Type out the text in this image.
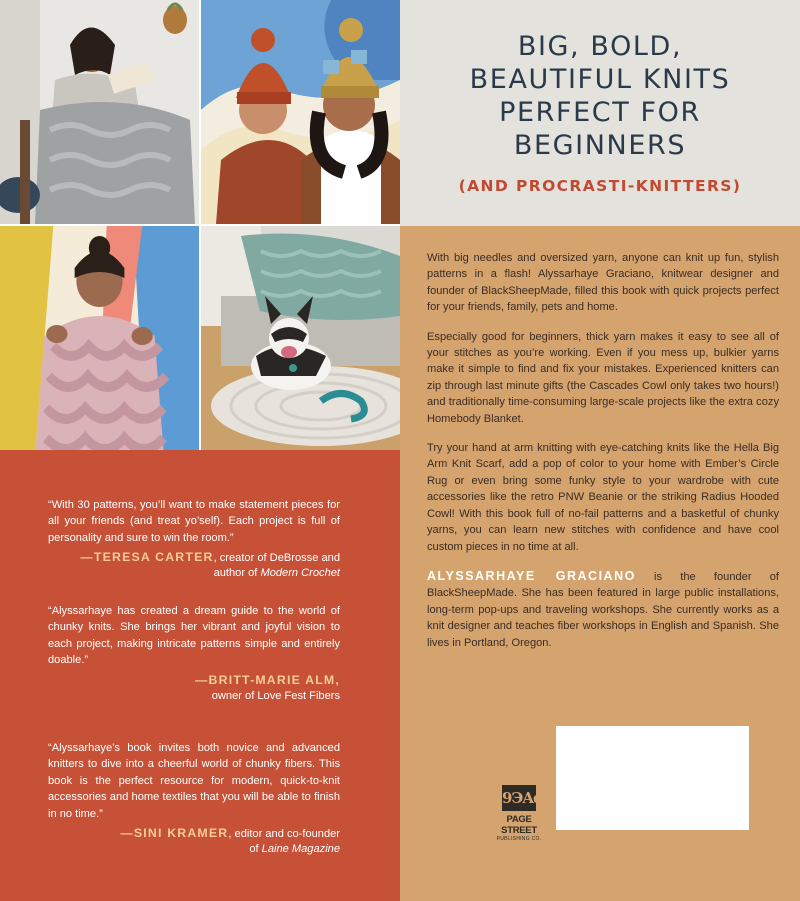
BIG, BOLD,
BEAUTIFUL KNITS
PERFECT FOR
BEGINNERS
(AND PROCRASTI-KNITTERS)

With big needles and oversized yarn, anyone can knit up fun, stylish patterns in a flash! Alyssarhaye Graciano, knitwear designer and founder of BlackSheepMade, filled this book with quick projects perfect for your friends, family, pets and home.

Especially good for beginners, thick yarn makes it easy to see all of your stitches as you’re working. Even if you mess up, bulkier yarns make it simple to find and fix your mistakes. Experienced knitters can zip through last minute gifts (the Cascades Cowl only takes two hours!) and traditionally time-consuming large-scale projects like the extra cozy Homebody Blanket.

Try your hand at arm knitting with eye-catching knits like the Hella Big Arm Knit Scarf, add a pop of color to your home with Ember’s Circle Rug or even bring some funky style to your wardrobe with cute accessories like the retro PNW Beanie or the striking Radius Hooded Cowl! With this book full of no-fail patterns and a basketful of chunky yarns, you can learn new stitches with confidence and have cool custom pieces in no time at all.

ALYSSARHAYE GRACIANO is the founder of BlackSheepMade. She has been featured in large public installations, long-term pop-ups and traveling workshops. She currently works as a knit designer and teaches fiber workshops in English and Spanish. She lives in Portland, Oregon.

9ЭAd
PAGE STREET
PUBLISHING CO.
“With 30 patterns, you’ll want to make statement pieces for all your friends (and treat yo’self). Each project is full of personality and sure to win the room.”
—TERESA CARTER, creator of DeBrosse and
author of Modern Crochet
“Alyssarhaye has created a dream guide to the world of chunky knits. She brings her vibrant and joyful vision to each project, making intricate patterns simple and entirely doable.”
—BRITT-MARIE ALM,
owner of Love Fest Fibers
“Alyssarhaye’s book invites both novice and advanced knitters to dive into a cheerful world of chunky fibers. This book is the perfect resource for modern, quick-to-knit accessories and home textiles that you will be able to finish in no time.”
—SINI KRAMER, editor and co-founder
of Laine Magazine
